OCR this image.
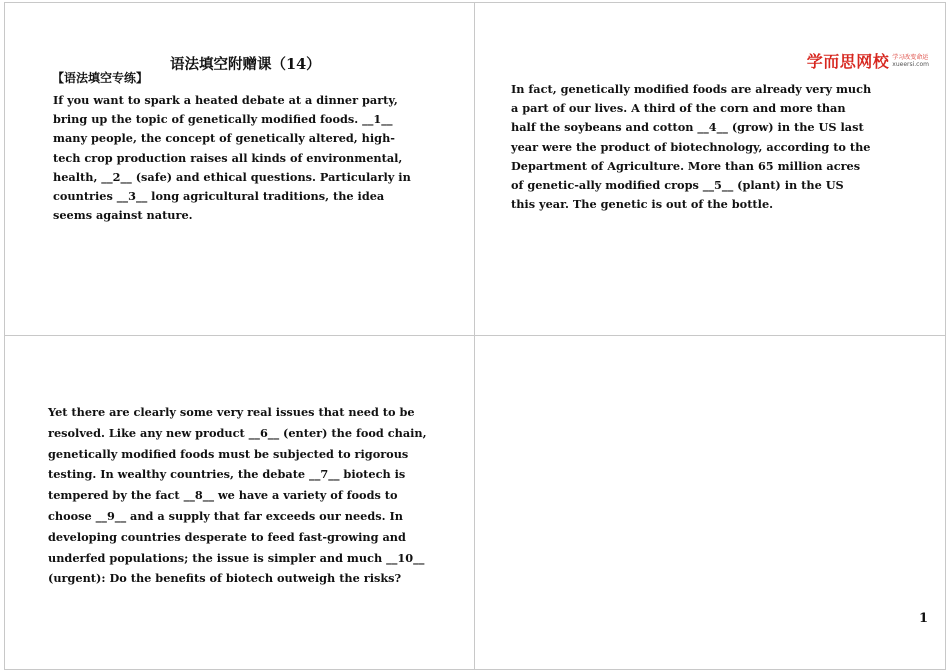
语法填空附赠课（14）
【语法填空专练】
If you want to spark a heated debate at a dinner party,
bring up the topic of genetically modified foods. __1__
many people, the concept of genetically altered, high-
tech crop production raises all kinds of environmental,
health, __2__ (safe) and ethical questions. Particularly in
countries __3__ long agricultural traditions, the idea
seems against nature.
学而思网校 学习改变命运
xueersi.com
In fact, genetically modified foods are already very much
a part of our lives. A third of the corn and more than
half the soybeans and cotton __4__ (grow) in the US last
year were the product of biotechnology, according to the
Department of Agriculture. More than 65 million acres
of genetic-ally modified crops __5__ (plant) in the US
this year. The genetic is out of the bottle.
Yet there are clearly some very real issues that need to be
resolved. Like any new product __6__ (enter) the food chain,
genetically modified foods must be subjected to rigorous
testing. In wealthy countries, the debate __7__ biotech is
tempered by the fact __8__ we have a variety of foods to
choose __9__ and a supply that far exceeds our needs. In
developing countries desperate to feed fast-growing and
underfed populations; the issue is simpler and much __10__
(urgent): Do the benefits of biotech outweigh the risks?
1
